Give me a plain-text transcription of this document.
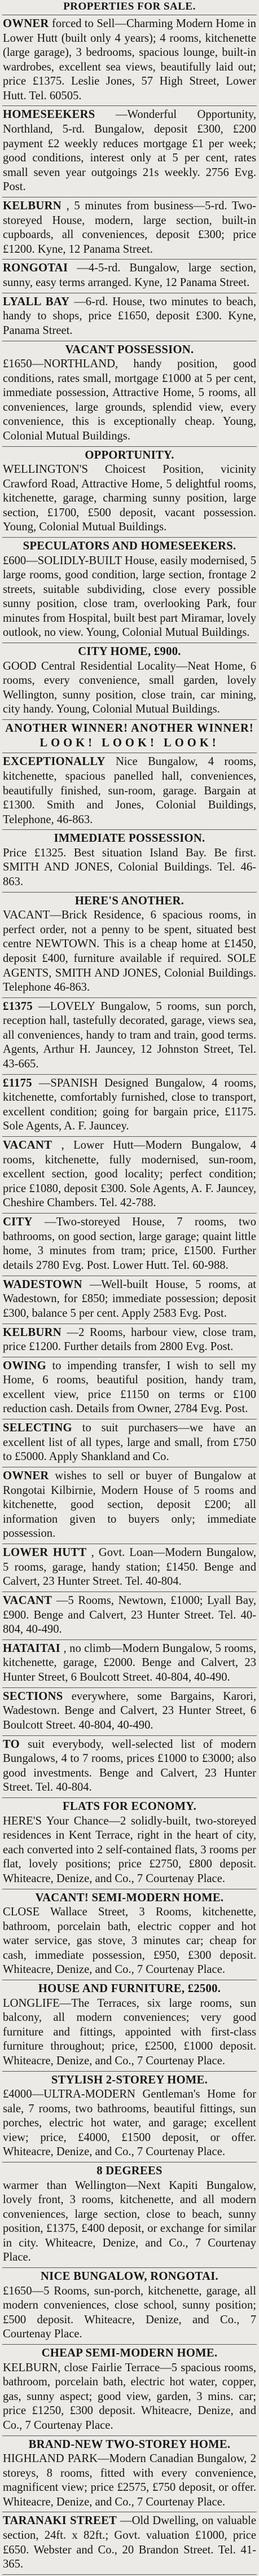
PROPERTIES FOR SALE.
OWNER forced to Sell—Charming Modern Home in Lower Hutt (built only 4 years); 4 rooms, kitchenette (large garage), 3 bedrooms, spacious lounge, built-in wardrobes, excellent sea views, beautifully laid out; price £1375. Leslie Jones, 57 High Street, Lower Hutt. Tel. 60505.
HOMESEEKERS —Wonderful Opportunity, Northland, 5-rd. Bungalow, deposit £300, £200 payment £2 weekly reduces mortgage £1 per week; good conditions, interest only at 5 per cent, rates small seven year outgoings 21s weekly. 2756 Evg. Post.
KELBURN , 5 minutes from business—5-rd. Two-storeyed House, modern, large section, built-in cupboards, all conveniences, deposit £300; price £1200. Kyne, 12 Panama Street.
RONGOTAI —4-5-rd. Bungalow, large section, sunny, easy terms arranged. Kyne, 12 Panama Street.
LYALL BAY —6-rd. House, two minutes to beach, handy to shops, price £1650, deposit £300. Kyne, Panama Street.
VACANT POSSESSION.
£1650—NORTHLAND, handy position, good conditions, rates small, mortgage £1000 at 5 per cent, immediate possession, Attractive Home, 5 rooms, all conveniences, large grounds, splendid view, every convenience, this is exceptionally cheap. Young, Colonial Mutual Buildings.
OPPORTUNITY.
WELLINGTON'S Choicest Position, vicinity Crawford Road, Attractive Home, 5 delightful rooms, kitchenette, garage, charming sunny position, large section, £1700, £500 deposit, vacant possession. Young, Colonial Mutual Buildings.
SPECULATORS AND HOMESEEKERS.
£600—SOLIDLY-BUILT House, easily modernised, 5 large rooms, good condition, large section, frontage 2 streets, suitable subdividing, close every possible sunny position, close tram, overlooking Park, four minutes from Hospital, built best part Miramar, lovely outlook, no view. Young, Colonial Mutual Buildings.
CITY HOME, £900.
GOOD Central Residential Locality—Neat Home, 6 rooms, every convenience, small garden, lovely Wellington, sunny position, close train, car mining, city handy. Young, Colonial Mutual Buildings.
ANOTHER WINNER! ANOTHER WINNER!
LOOK! LOOK! LOOK!
EXCEPTIONALLY Nice Bungalow, 4 rooms, kitchenette, spacious panelled hall, conveniences, beautifully finished, sun-room, garage. Bargain at £1300. Smith and Jones, Colonial Buildings, Telephone, 46-863.
IMMEDIATE POSSESSION.
Price £1325. Best situation Island Bay. Be first. SMITH AND JONES, Colonial Buildings. Tel. 46-863.
HERE'S ANOTHER.
VACANT—Brick Residence, 6 spacious rooms, in perfect order, not a penny to be spent, situated best centre NEWTOWN. This is a cheap home at £1450, deposit £400, furniture available if required. SOLE AGENTS, SMITH AND JONES, Colonial Buildings. Telephone 46-863.
£1375 —LOVELY Bungalow, 5 rooms, sun porch, reception hall, tastefully decorated, garage, views sea, all conveniences, handy to tram and train, good terms. Agents, Arthur H. Jauncey, 12 Johnston Street, Tel. 43-665.
£1175 —SPANISH Designed Bungalow, 4 rooms, kitchenette, comfortably furnished, close to transport, excellent condition; going for bargain price, £1175. Sole Agents, A. F. Jauncey.
VACANT , Lower Hutt—Modern Bungalow, 4 rooms, kitchenette, fully modernised, sun-room, excellent section, good locality; perfect condition; price £1080, deposit £300. Sole Agents, A. F. Jauncey, Cheshire Chambers. Tel. 42-788.
CITY —Two-storeyed House, 7 rooms, two bathrooms, on good section, large garage; quaint little home, 3 minutes from tram; price, £1500. Further details 2780 Evg. Post. Lower Hutt. Tel. 60-988.
WADESTOWN —Well-built House, 5 rooms, at Wadestown, for £850; immediate possession; deposit £300, balance 5 per cent. Apply 2583 Evg. Post.
KELBURN —2 Rooms, harbour view, close tram, price £1200. Further details from 2800 Evg. Post.
OWING to impending transfer, I wish to sell my Home, 6 rooms, beautiful position, handy tram, excellent view, price £1150 on terms or £100 reduction cash. Details from Owner, 2784 Evg. Post.
SELECTING to suit purchasers—we have an excellent list of all types, large and small, from £750 to £5000. Apply Shankland and Co.
OWNER wishes to sell or buyer of Bungalow at Rongotai Kilbirnie, Modern House of 5 rooms and kitchenette, good section, deposit £200; all information given to buyers only; immediate possession.
LOWER HUTT , Govt. Loan—Modern Bungalow, 5 rooms, garage, handy station; £1450. Benge and Calvert, 23 Hunter Street. Tel. 40-804.
VACANT —5 Rooms, Newtown, £1000; Lyall Bay, £900. Benge and Calvert, 23 Hunter Street. Tel. 40-804, 40-490.
HATAITAI , no climb—Modern Bungalow, 5 rooms, kitchenette, garage, £2000. Benge and Calvert, 23 Hunter Street, 6 Boulcott Street. 40-804, 40-490.
SECTIONS everywhere, some Bargains, Karori, Wadestown. Benge and Calvert, 23 Hunter Street, 6 Boulcott Street. 40-804, 40-490.
TO suit everybody, well-selected list of modern Bungalows, 4 to 7 rooms, prices £1000 to £3000; also good investments. Benge and Calvert, 23 Hunter Street. Tel. 40-804.
FLATS FOR ECONOMY.
HERE'S Your Chance—2 solidly-built, two-storeyed residences in Kent Terrace, right in the heart of city, each converted into 2 self-contained flats, 3 rooms per flat, lovely positions; price £2750, £800 deposit. Whiteacre, Denize, and Co., 7 Courtenay Place.
VACANT! SEMI-MODERN HOME.
CLOSE Wallace Street, 3 Rooms, kitchenette, bathroom, porcelain bath, electric copper and hot water service, gas stove, 3 minutes car; cheap for cash, immediate possession, £950, £300 deposit. Whiteacre, Denize, and Co., 7 Courtenay Place.
HOUSE AND FURNITURE, £2500.
LONGLIFE—The Terraces, six large rooms, sun balcony, all modern conveniences; very good furniture and fittings, appointed with first-class furniture throughout; price, £2500, £1000 deposit. Whiteacre, Denize, and Co., 7 Courtenay Place.
STYLISH 2-STOREY HOME.
£4000—ULTRA-MODERN Gentleman's Home for sale, 7 rooms, two bathrooms, beautiful fittings, sun porches, electric hot water, and garage; excellent view; price, £4000, £1500 deposit, or offer. Whiteacre, Denize, and Co., 7 Courtenay Place.
8 DEGREES
warmer than Wellington—Next Kapiti Bungalow, lovely front, 3 rooms, kitchenette, and all modern conveniences, large section, close to beach, sunny position, £1375, £400 deposit, or exchange for similar in city. Whiteacre, Denize, and Co., 7 Courtenay Place.
NICE BUNGALOW, RONGOTAI.
£1650—5 Rooms, sun-porch, kitchenette, garage, all modern conveniences, close school, sunny position; £500 deposit. Whiteacre, Denize, and Co., 7 Courtenay Place.
CHEAP SEMI-MODERN HOME.
KELBURN, close Fairlie Terrace—5 spacious rooms, bathroom, porcelain bath, electric hot water, copper, gas, sunny aspect; good view, garden, 3 mins. car; price £1250, £300 deposit. Whiteacre, Denize, and Co., 7 Courtenay Place.
BRAND-NEW TWO-STOREY HOME.
HIGHLAND PARK—Modern Canadian Bungalow, 2 storeys, 8 rooms, fitted with every convenience, magnificent view; price £2575, £750 deposit, or offer. Whiteacre, Denize, and Co., 7 Courtenay Place.
TARANAKI STREET —Old Dwelling, on valuable section, 24ft. x 82ft.; Govt. valuation £1000, price £650. Webster and Co., 20 Brandon Street. Tel. 41-365.
